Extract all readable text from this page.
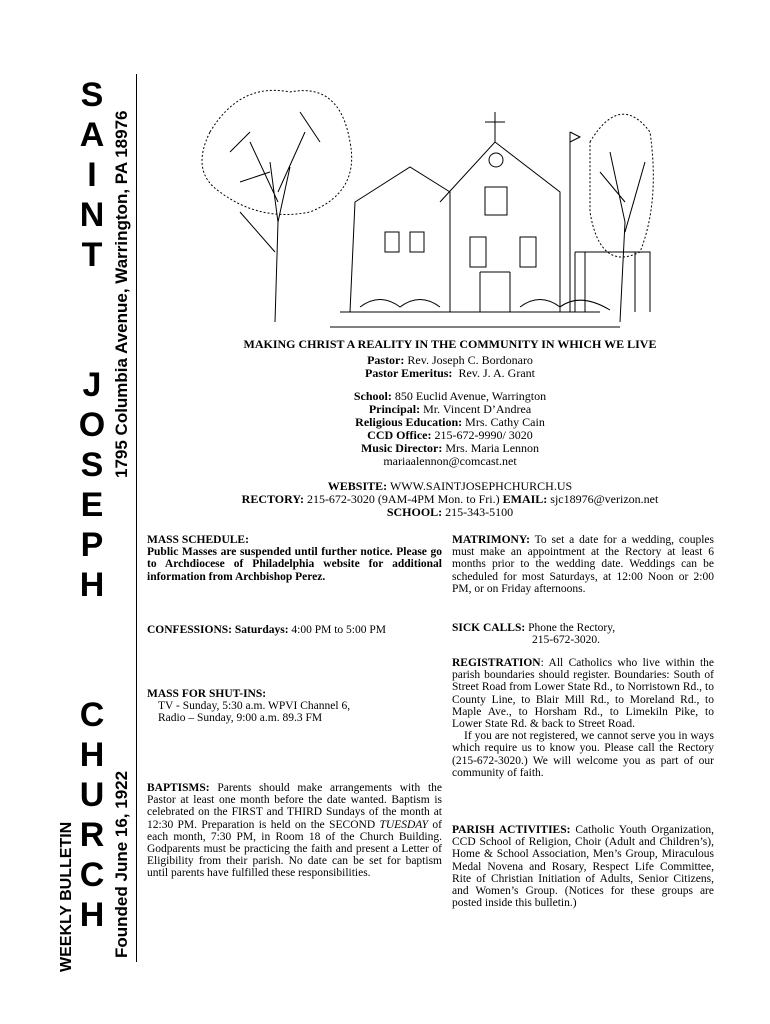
S
A
I
N
T
J
O
S
E
P
H
C
H
U
R
C
H
1795 Columbia Avenue, Warrington, PA 18976
Founded June 16, 1922
WEEKLY BULLETIN
MAKING CHRIST A REALITY IN THE COMMUNITY IN WHICH WE LIVE
Pastor: Rev. Joseph C. Bordonaro
Pastor Emeritus: Rev. J. A. Grant
School: 850 Euclid Avenue, Warrington
Principal: Mr. Vincent D’Andrea
Religious Education: Mrs. Cathy Cain
CCD Office: 215-672-9990/ 3020
Music Director: Mrs. Maria Lennon
mariaalennon@comcast.net
WEBSITE: WWW.SAINTJOSEPHCHURCH.US
RECTORY: 215-672-3020 (9AM-4PM Mon. to Fri.) EMAIL: sjc18976@verizon.net
SCHOOL: 215-343-5100
MASS SCHEDULE:
Public Masses are suspended until further notice. Please go to Archdiocese of Philadelphia website for additional information from Archbishop Perez.
CONFESSIONS: Saturdays: 4:00 PM to 5:00 PM
MASS FOR SHUT-INS:
TV - Sunday, 5:30 a.m. WPVI Channel 6,
Radio – Sunday, 9:00 a.m. 89.3 FM
BAPTISMS: Parents should make arrangements with the Pastor at least one month before the date wanted. Baptism is celebrated on the FIRST and THIRD Sundays of the month at 12:30 PM. Preparation is held on the SECOND TUESDAY of each month, 7:30 PM, in Room 18 of the Church Building. Godparents must be practicing the faith and present a Letter of Eligibility from their parish. No date can be set for baptism until parents have fulfilled these responsibilities.
MATRIMONY: To set a date for a wedding, couples must make an appointment at the Rectory at least 6 months prior to the wedding date. Weddings can be scheduled for most Saturdays, at 12:00 Noon or 2:00 PM, or on Friday afternoons.
SICK CALLS: Phone the Rectory,
215-672-3020.
REGISTRATION: All Catholics who live within the parish boundaries should register. Boundaries: South of Street Road from Lower State Rd., to Norristown Rd., to County Line, to Blair Mill Rd., to Moreland Rd., to Maple Ave., to Horsham Rd., to Limekiln Pike, to Lower State Rd. & back to Street Road.
If you are not registered, we cannot serve you in ways which require us to know you. Please call the Rectory (215-672-3020.) We will welcome you as part of our community of faith.
PARISH ACTIVITIES: Catholic Youth Organization, CCD School of Religion, Choir (Adult and Children’s), Home & School Association, Men’s Group, Miraculous Medal Novena and Rosary, Respect Life Committee, Rite of Christian Initiation of Adults, Senior Citizens, and Women’s Group. (Notices for these groups are posted inside this bulletin.)
